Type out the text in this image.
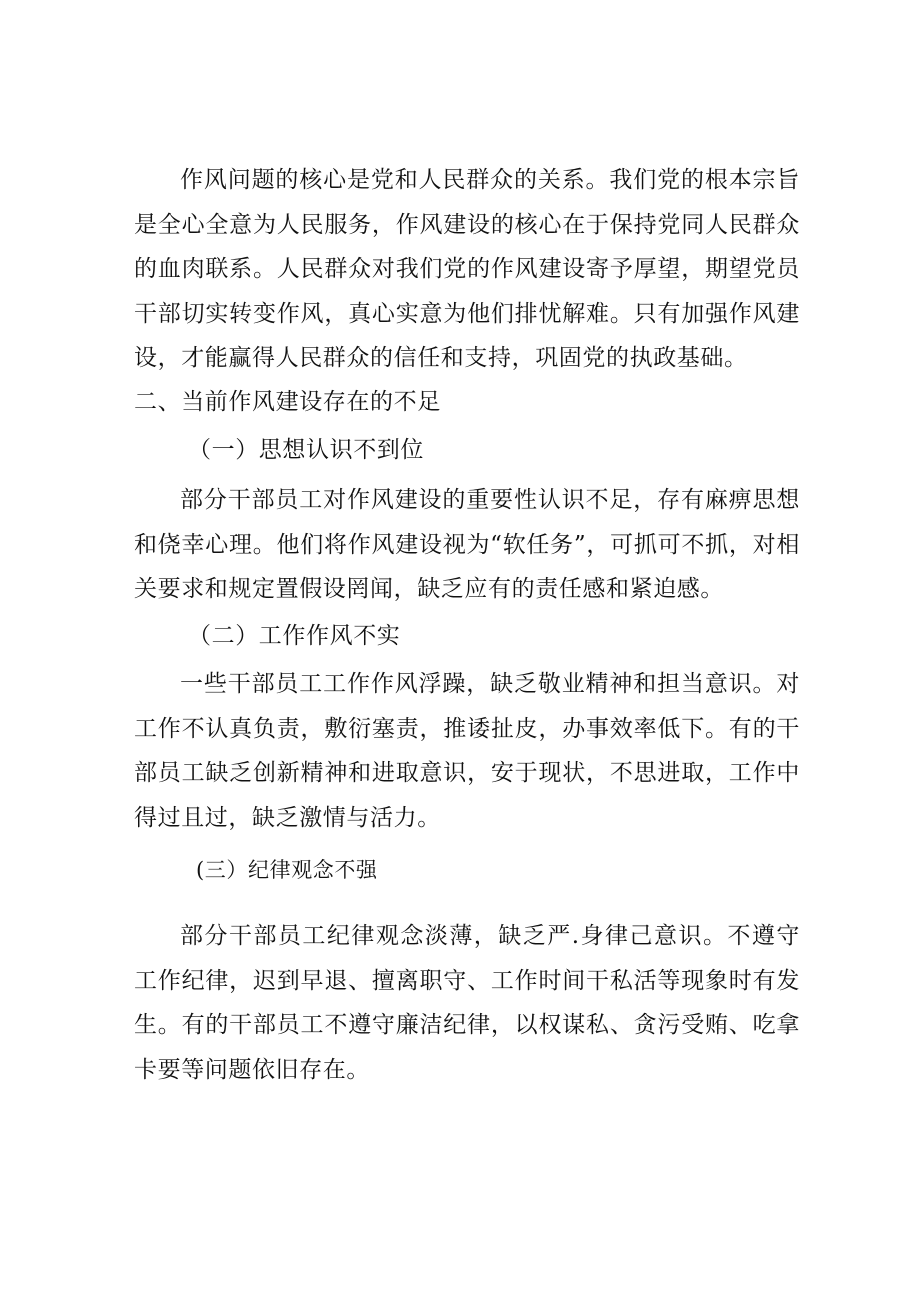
作风问题的核心是党和人民群众的关系。我们党的根本宗旨是全心全意为人民服务，作风建设的核心在于保持党同人民群众的血肉联系。人民群众对我们党的作风建设寄予厚望，期望党员干部切实转变作风，真心实意为他们排忧解难。只有加强作风建设，才能赢得人民群众的信任和支持，巩固党的执政基础。

二、当前作风建设存在的不足

（一）思想认识不到位

部分干部员工对作风建设的重要性认识不足，存有麻痹思想和侥幸心理。他们将作风建设视为“软任务”，可抓可不抓，对相关要求和规定置假设罔闻，缺乏应有的责任感和紧迫感。

（二）工作作风不实

一些干部员工工作作风浮躁，缺乏敬业精神和担当意识。对工作不认真负责，敷衍塞责，推诿扯皮，办事效率低下。有的干部员工缺乏创新精神和进取意识，安于现状，不思进取，工作中得过且过，缺乏激情与活力。

(三）纪律观念不强

部分干部员工纪律观念淡薄，缺乏严.身律己意识。不遵守工作纪律，迟到早退、擅离职守、工作时间干私活等现象时有发生。有的干部员工不遵守廉洁纪律，以权谋私、贪污受贿、吃拿卡要等问题依旧存在。
